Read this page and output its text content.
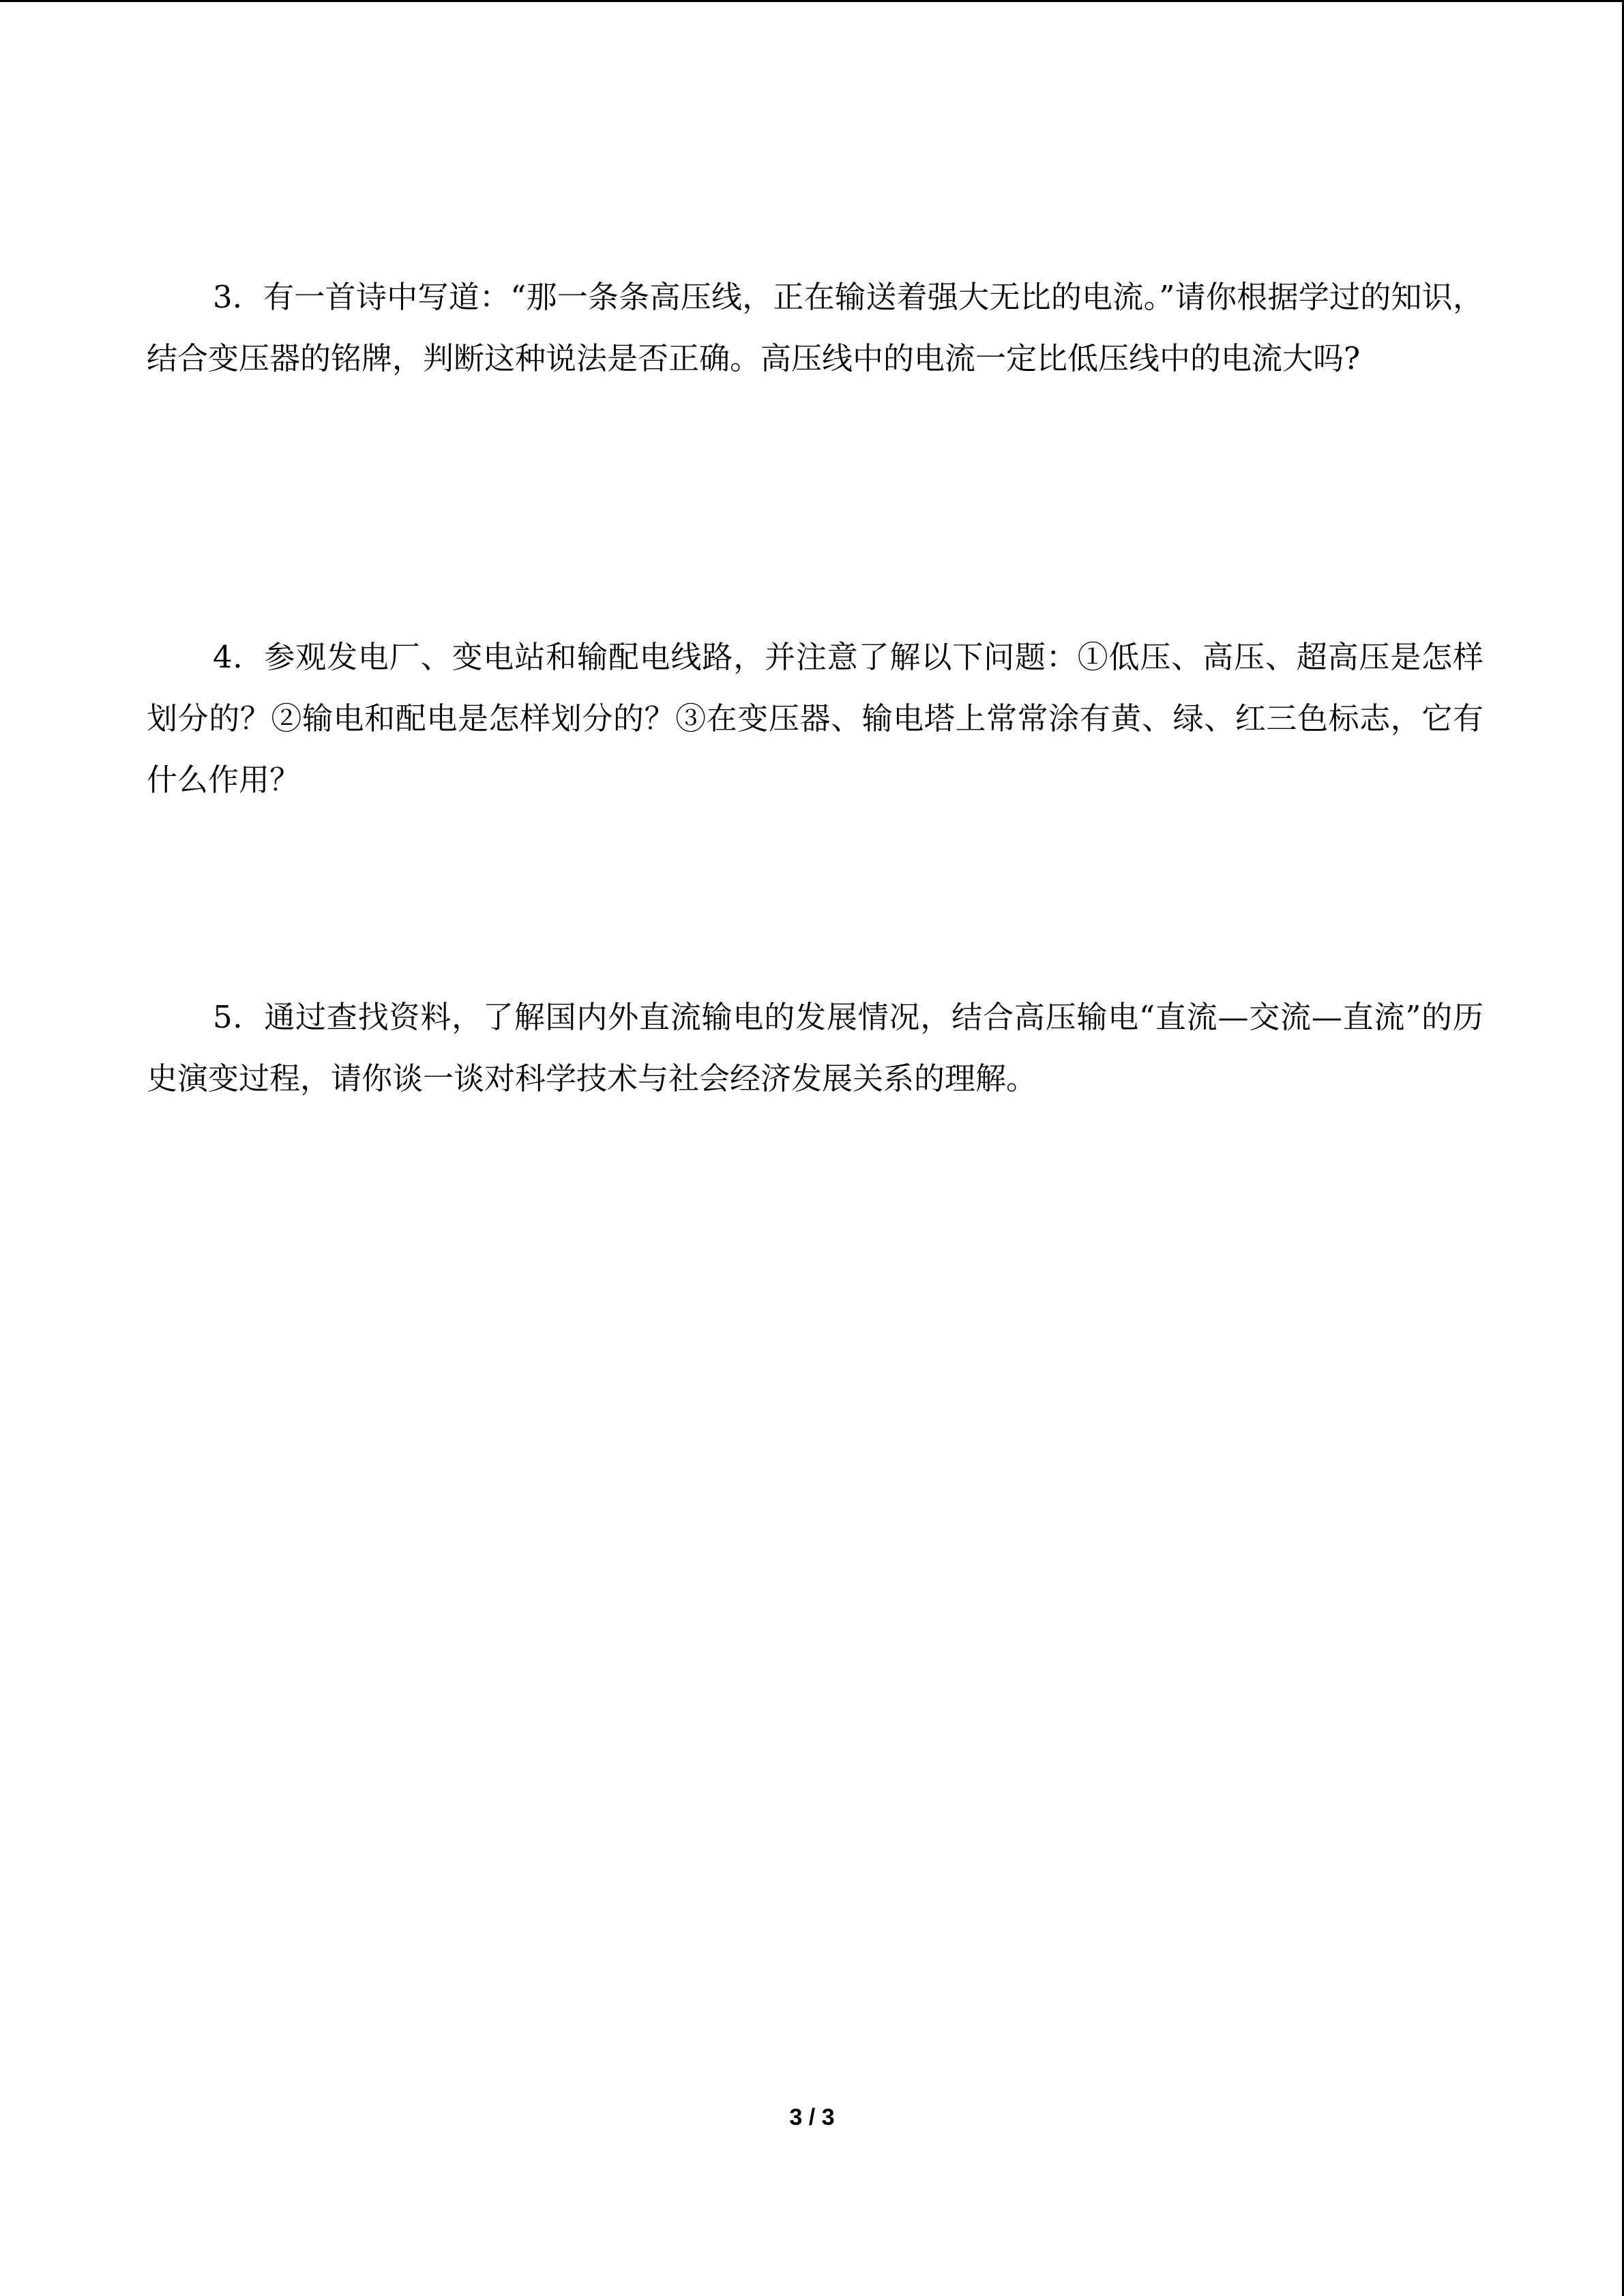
3．有一首诗中写道：“那一条条高压线，正在输送着强大无比的电流。”请你根据学过的知识，结合变压器的铭牌，判断这种说法是否正确。高压线中的电流一定比低压线中的电流大吗?

4．参观发电厂、变电站和输配电线路，并注意了解以下问题：①低压、高压、超高压是怎样划分的？②输电和配电是怎样划分的？③在变压器、输电塔上常常涂有黄、绿、红三色标志，它有什么作用？

5．通过查找资料，了解国内外直流输电的发展情况，结合高压输电“直流—交流—直流”的历史演变过程，请你谈一谈对科学技术与社会经济发展关系的理解。

3 / 3
